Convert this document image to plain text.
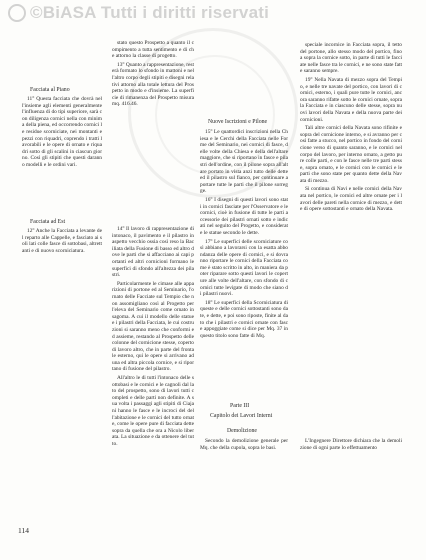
©BiASA Tutti i diritti riservati
Facciata al Piano

11° Questa facciata che dovrà nell'insieme agli elementi generalmente l'influenza di do tipi superiore, sarà con diligenza cornici nella con minima della piena, ed occorrendo cornici le residue scorniciate, nei montanti e pezzi con riquadri, coprendo i tratti lavorabili e le opere di ornato e riquadri sotto di gli scalini in ciascun giorno. Così gli stipiti che questi daranno modelli e le ordini vari.

Facciata ad Est

12° Anche la Facciata a levante del reparto alle Cappelle, e fasciato ai soli lati colle fasce di sottobasi, altrettanti e di nuovo scorniciatura.

stato questo Prospetto a quanto il compimento a tutta sentimento e di che attorno la classe di progetto.

13° Quanto a rappresentazione, resterà formato lo sfondo in mattoni e nell'altro corpo degli stipiti e disegni relativi attorno alla totale lettura del Prospetto in modo e d'insieme. La superficie di rimanenza del Prospetto misura mq. 416.46.

14° Il lavoro di rappresentazione di intonaco, il pavimento e il pilastro in aspetto vecchio ossia così reso la Baciliata della Fusione di basso ed altro dove le parti che si affacciano ai capi portanti ed altri cornicioni formano le superfici di sfondo all'altezza dei pilastri.

Particolarmente le cimase alle apparizioni di portone ed al Seminario, l'ornato delle Facciate sul Tempio che non assomigliano così al Progetto per l'eleva del Seminario come ornato in sagoma. A cui il modello delle statue e i pilastri della Facciata, le cui costruzioni si saranno meno che conformi ed assieme, restando al Prospetto delle colonne del cornicione stesse, coperto di lavoro altro, che in parte del frontale esterno, qui le opere si arrivano ad una ed altra piccola cornice, e si riportano di fusione del pilastro.

All'altro le di tutti l'intonaco delle sottobasi e le cornici e le cagnoli dal lato del prospetto, sono di lavori tutti completi e delle parti non definite. A sua volta i passaggi agli stipiti di Ciajani hanno le fasce e le incroci del dell'abitazione e le cornici del tutto ornate, come le opere pure di facciata dette sopra da quella che ora a Nicolo liberata. La situazione e da ottenere del tutto.

Nuove Iscrizioni e Pilone

15° Le quattordici inscrizioni nella Chiesa e le Cerchi della Facciata nelle Forme del Seminario, nei cornici di fasce, delle volte della Chiesa e della dell'altare maggiore, che si riportano in fasce e pilastri dell'ordine, con il pilone sopra all'altare portato in vista anzi tutto delle dette ed il pilastro sul fianco, per continuare a portare tutte le parti che il pilone sorregge.

16° I disegni di questi lavori sono stati in cornici fasciate per l'Osservatore e le cornici, cioè in fusione di tutte le parti accessorie dei pilastri ornati sotto e indicati nel seguito del Progetto, e considerate le statue secondo le dette.

17° Le superfici delle scorniciature così abbiano a lavorarsi con la esatta abbondanza delle opere di cornici, e si dovranno riportare le cornici della Facciata come è stato scritto in alto, in maniera da poter riparare sotto questi lavori le coperture alle volte dell'altare, con sfondo di cornici tutte levigate di modo che siano di pilastri nuovi.

18° Le superfici della Scorniciatura di queste e delle cornici sottostanti sono date, e dette, e poi sono riposte, finite al dato che i pilastri e cornici ornate con fasce appoggiate come si dice per Mq. 37 in questo titolo sono fatte di Mq.

Parte III
Capitolo dei Lavori Interni
Demolizione

Secondo la demolizione generale per Mq. che della cupola, sopra le basi.

speciale incornice in Facciata sopra, il tetto del portone, allo stesso modo del portico, fino a sopra la cornice sotto, in parte di tutti le facciate nelle fasce tra le cornici, e ne sono state fatte saranno sempre.

19° Nella Navata di mezzo sopra del Tempio, e nelle tre navate del portico, con lavori di cornici, esterno, i quali pure tutte le cornici, ancora saranno rifatte sotto le cornici ornate, sopra la Facciata e in ciascuno delle stesse, sopra nuovi lavori della Navata e della nuova parte dei cornicioni.

Tali altre cornici della Navata sono rifinite e sopra del cornicione interno, e si avranno per così fatte a stucco, nel portico in fondo del cornicione verso di quanto saranno, e le cornici nel corpo del lavoro, per interno ornato, a getto pure colle parti, e con le fasce nelle tre parti stesse, sopra ornato, e le cornici con le cornici e le parti che sono state per quanto dette della Navata di mezzo.

Si continua di Navi e nelle cornici della Navata nel portico, le cornici ed altre ornate per i lavori delle pareti nella cornice di mezzo, e dette di opere sottostanti e ornato della Navata.

L'Ingegnere Direttore dichiara che la demolizione di ogni parte lo effettuamento

114
